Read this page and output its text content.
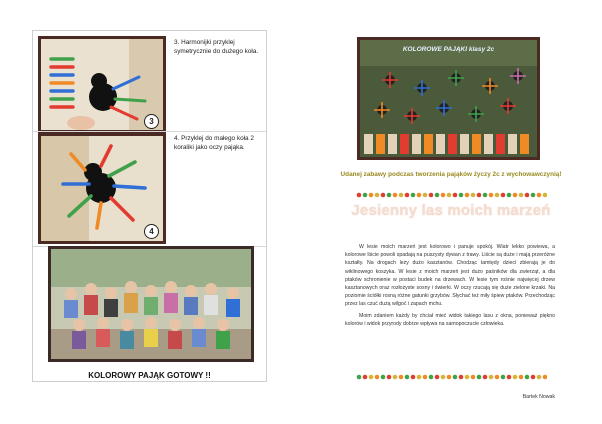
3
3. Harmonijki przyklej symetrycznie do dużego koła.
4
4. Przyklej do małego koła 2 koraliki jako oczy pająka.
KOLOROWY PAJĄK GOTOWY !!
KOLOROWE PAJĄKI klasy 2c
Udanej zabawy podczas tworzenia pająków życzy 2c z wychowawczynią!
Jesienny las moich marzeń

W lesie moich marzeń jest kolorowo i panuje spokój. Wiatr lekko powiewa, a kolorowe liście powoli spadają na puszysty dywan z trawy. Liście są duże i mają przeróżne kształty. Na drogach leży dużo kasztanów. Chodząc tamtędy dzieci zbierają je do wiklinowego koszyka. W lesie z moich marzeń jest dużo paśników dla zwierząt, a dla ptaków schronienie w postaci budek na drzewach. W lesie tym rośnie najwięcej drzew kasztanowych oraz rozłożyste sosny i świerki. W oczy rzucają się duże zielone krzaki. Na poziomie ściółki rosną różne gatunki grzybów. Słychać też miły śpiew ptaków. Przechodząc przez las czuć dużą wilgoć i zapach mchu.

Moim zdaniem każdy by chciał mieć widok takiego lasu z okna, ponieważ piękno kolorów i widok przyrody dobrze wpływa na samopoczucie człowieka.

Bartek Nowak
